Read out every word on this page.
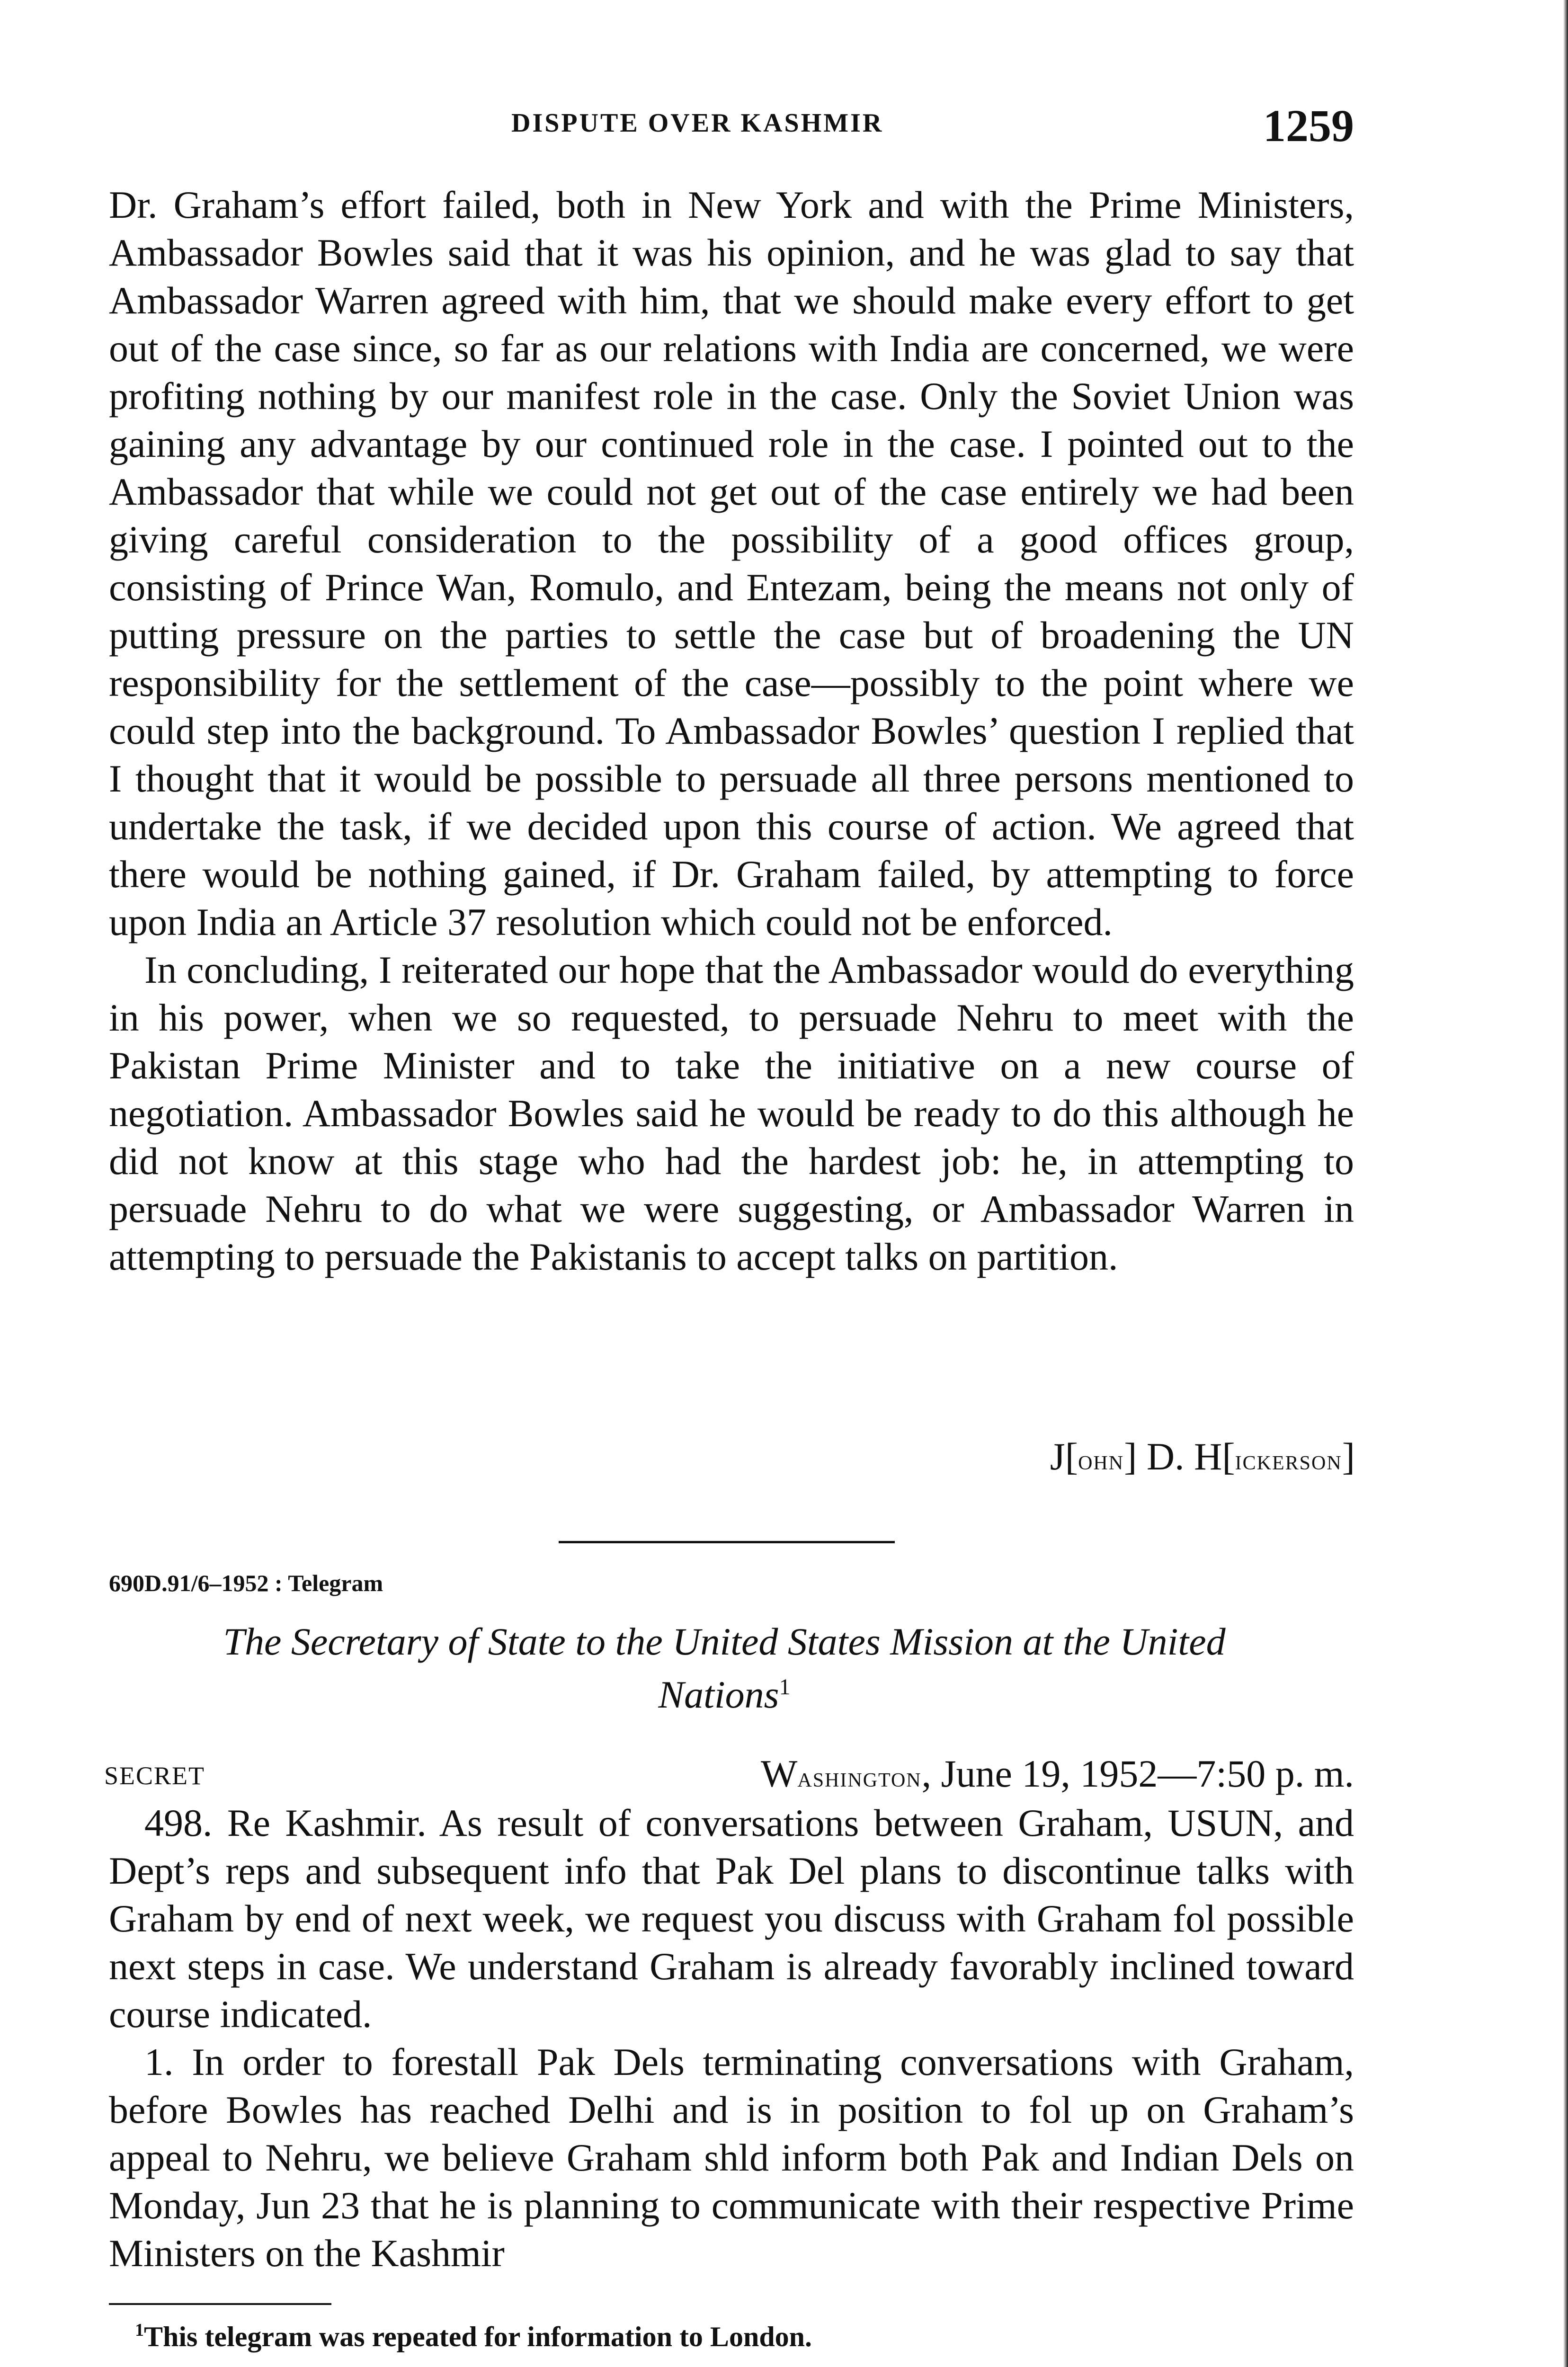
DISPUTE OVER KASHMIR	1259

Dr. Graham’s effort failed, both in New York and with the Prime Ministers, Ambassador Bowles said that it was his opinion, and he was glad to say that Ambassador Warren agreed with him, that we should make every effort to get out of the case since, so far as our relations with India are concerned, we were profiting nothing by our manifest role in the case. Only the Soviet Union was gaining any advantage by our continued role in the case. I pointed out to the Ambassador that while we could not get out of the case entirely we had been giving careful consideration to the possibility of a good offices group, consisting of Prince Wan, Romulo, and Entezam, being the means not only of putting pressure on the parties to settle the case but of broadening the UN responsibility for the settlement of the case—possibly to the point where we could step into the background. To Ambassador Bowles’ question I replied that I thought that it would be possible to persuade all three persons mentioned to undertake the task, if we decided upon this course of action. We agreed that there would be nothing gained, if Dr. Graham failed, by attempting to force upon India an Article 37 resolution which could not be enforced.

In concluding, I reiterated our hope that the Ambassador would do everything in his power, when we so requested, to persuade Nehru to meet with the Pakistan Prime Minister and to take the initiative on a new course of negotiation. Ambassador Bowles said he would be ready to do this although he did not know at this stage who had the hardest job: he, in attempting to persuade Nehru to do what we were suggesting, or Ambassador Warren in attempting to persuade the Pakistanis to accept talks on partition.

J[ohn] D. H[ickerson]
690D.91/6–1952 : Telegram
The Secretary of State to the United States Mission at the United Nations$^1$
SECRET	Washington, June 19, 1952—7:50 p. m.

498. Re Kashmir. As result of conversations between Graham, USUN, and Dept’s reps and subsequent info that Pak Del plans to discontinue talks with Graham by end of next week, we request you discuss with Graham fol possible next steps in case. We understand Graham is already favorably inclined toward course indicated.

1. In order to forestall Pak Dels terminating conversations with Graham, before Bowles has reached Delhi and is in position to fol up on Graham’s appeal to Nehru, we believe Graham shld inform both Pak and Indian Dels on Monday, Jun 23 that he is planning to communicate with their respective Prime Ministers on the Kashmir

$^1$This telegram was repeated for information to London.
